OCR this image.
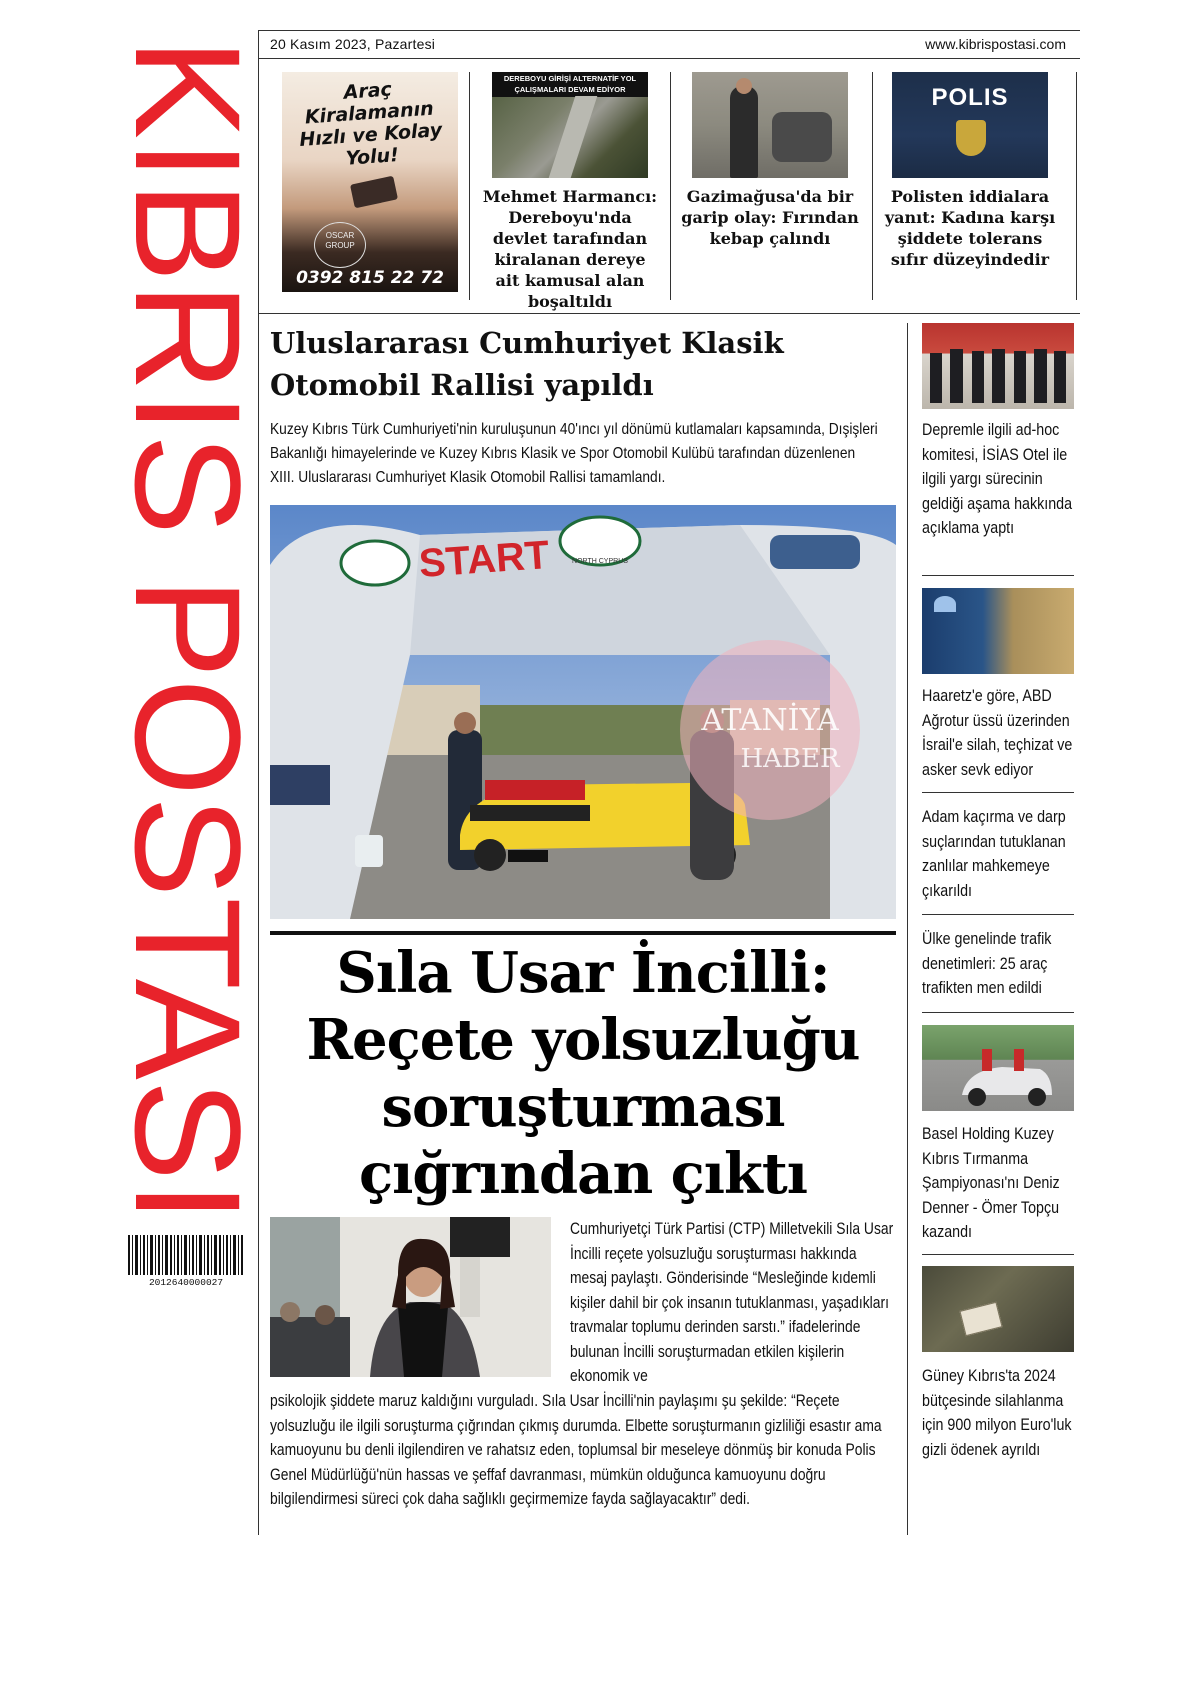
KIBRIS POSTASI
2012640000027
20 Kasım 2023, Pazartesi	www.kibrispostasi.com
Araç Kiralamanın Hızlı ve Kolay Yolu!
OSCAR GROUP
0392 815 22 72
DEREBOYU GİRİŞİ ALTERNATİF YOL ÇALIŞMALARI DEVAM EDİYOR
Mehmet Harmancı: Dereboyu'nda devlet tarafından kiralanan dereye ait kamusal alan boşaltıldı
Gazimağusa'da bir garip olay: Fırından kebap çalındı
POLIS
Polisten iddialara yanıt: Kadına karşı şiddete tolerans sıfır düzeyindedir
Uluslararası Cumhuriyet Klasik Otomobil Rallisi yapıldı
Kuzey Kıbrıs Türk Cumhuriyeti'nin kuruluşunun 40'ıncı yıl dönümü kutlamaları kapsamında, Dışişleri Bakanlığı himayelerinde ve Kuzey Kıbrıs Klasik ve Spor Otomobil Kulübü tarafından düzenlenen XIII. Uluslararası Cumhuriyet Klasik Otomobil Rallisi tamamlandı.
START	NORTH CYPRUS
ATANİYA
HABER
Sıla Usar İncilli: Reçete yolsuzluğu soruşturması çığrından çıktı
Cumhuriyetçi Türk Partisi (CTP) Milletvekili Sıla Usar İncilli reçete yolsuzluğu soruşturması hakkında mesaj paylaştı. Gönderisinde “Mesleğinde kıdemli kişiler dahil bir çok insanın tutuklanması, yaşadıkları travmalar toplumu derinden sarstı.” ifadelerinde bulunan İncilli soruşturmadan etkilen kişilerin ekonomik ve
psikolojik şiddete maruz kaldığını vurguladı. Sıla Usar İncilli'nin paylaşımı şu şekilde: “Reçete yolsuzluğu ile ilgili soruşturma çığrından çıkmış durumda. Elbette soruşturmanın gizliliği esastır ama kamuoyunu bu denli ilgilendiren ve rahatsız eden, toplumsal bir meseleye dönmüş bir konuda Polis Genel Müdürlüğü'nün hassas ve şeffaf davranması, mümkün olduğunca kamuoyunu doğru bilgilendirmesi süreci çok daha sağlıklı geçirmemize fayda sağlayacaktır” dedi.
Depremle ilgili ad-hoc komitesi, İSİAS Otel ile ilgili yargı sürecinin geldiği aşama hakkında açıklama yaptı
Haaretz'e göre, ABD Ağrotur üssü üzerinden İsrail'e silah, teçhizat ve asker sevk ediyor
Adam kaçırma ve darp suçlarından tutuklanan zanlılar mahkemeye çıkarıldı
Ülke genelinde trafik denetimleri: 25 araç trafikten men edildi
Basel Holding Kuzey Kıbrıs Tırmanma Şampiyonası'nı Deniz Denner - Ömer Topçu kazandı
Güney Kıbrıs'ta 2024 bütçesinde silahlanma için 900 milyon Euro'luk gizli ödenek ayrıldı
